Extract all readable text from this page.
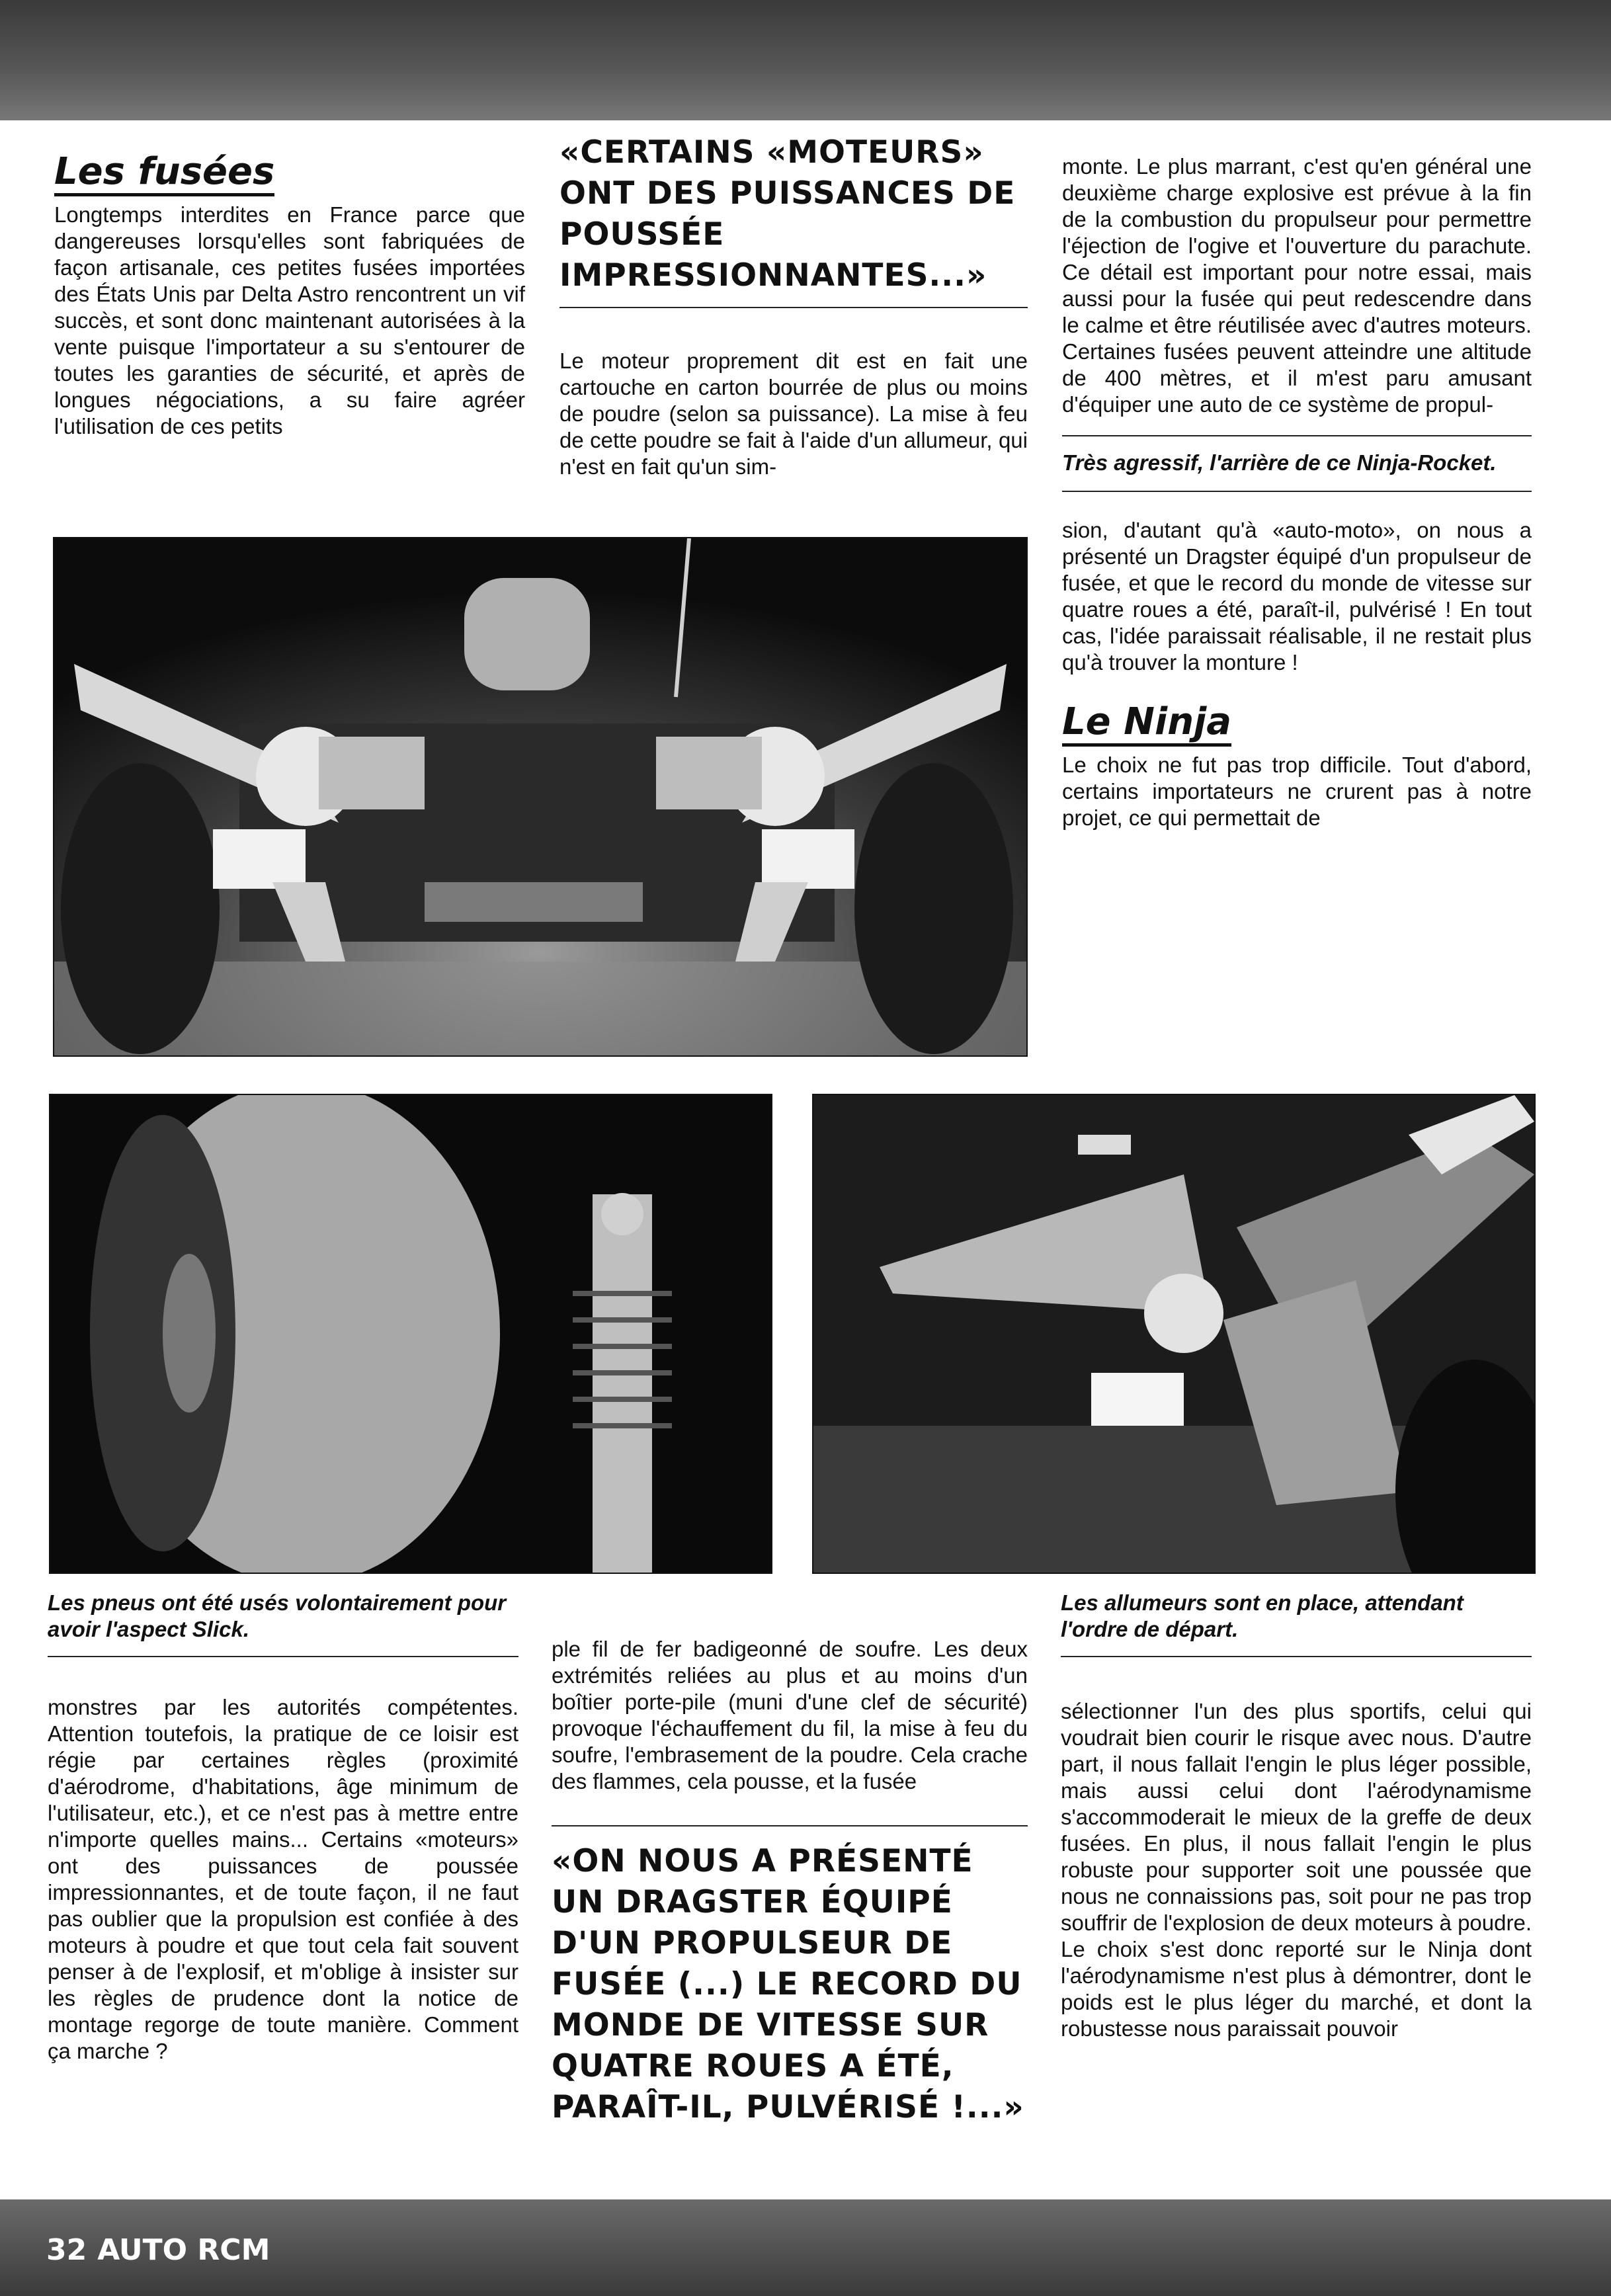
Les fusées

Longtemps interdites en France parce que dangereuses lorsqu'elles sont fabriquées de façon artisanale, ces petites fusées importées des États Unis par Delta Astro rencontrent un vif succès, et sont donc maintenant autorisées à la vente puisque l'importateur a su s'entourer de toutes les garanties de sécurité, et après de longues négociations, a su faire agréer l'utilisation de ces petits

«CERTAINS «MOTEURS» ONT DES PUISSANCES DE POUSSÉE IMPRESSIONNANTES...»

Le moteur proprement dit est en fait une cartouche en carton bourrée de plus ou moins de poudre (selon sa puissance). La mise à feu de cette poudre se fait à l'aide d'un allumeur, qui n'est en fait qu'un sim-

monte. Le plus marrant, c'est qu'en général une deuxième charge explosive est prévue à la fin de la combustion du propulseur pour permettre l'éjection de l'ogive et l'ouverture du parachute. Ce détail est important pour notre essai, mais aussi pour la fusée qui peut redescendre dans le calme et être réutilisée avec d'autres moteurs. Certaines fusées peuvent atteindre une altitude de 400 mètres, et il m'est paru amusant d'équiper une auto de ce système de propul-

Très agressif, l'arrière de ce Ninja-Rocket.

sion, d'autant qu'à «auto-moto», on nous a présenté un Dragster équipé d'un propulseur de fusée, et que le record du monde de vitesse sur quatre roues a été, paraît-il, pulvérisé ! En tout cas, l'idée paraissait réalisable, il ne restait plus qu'à trouver la monture !

Le Ninja

Le choix ne fut pas trop difficile. Tout d'abord, certains importateurs ne crurent pas à notre projet, ce qui permettait de

Les pneus ont été usés volontairement pour avoir l'aspect Slick.

monstres par les autorités compétentes. Attention toutefois, la pratique de ce loisir est régie par certaines règles (proximité d'aérodrome, d'habitations, âge minimum de l'utilisateur, etc.), et ce n'est pas à mettre entre n'importe quelles mains... Certains «moteurs» ont des puissances de poussée impressionnantes, et de toute façon, il ne faut pas oublier que la propulsion est confiée à des moteurs à poudre et que tout cela fait souvent penser à de l'explosif, et m'oblige à insister sur les règles de prudence dont la notice de montage regorge de toute manière. Comment ça marche ?

ple fil de fer badigeonné de soufre. Les deux extrémités reliées au plus et au moins d'un boîtier porte-pile (muni d'une clef de sécurité) provoque l'échauffement du fil, la mise à feu du soufre, l'embrasement de la poudre. Cela crache des flammes, cela pousse, et la fusée

«ON NOUS A PRÉSENTÉ UN DRAGSTER ÉQUIPÉ D'UN PROPULSEUR DE FUSÉE (...) LE RECORD DU MONDE DE VITESSE SUR QUATRE ROUES A ÉTÉ, PARAÎT-IL, PULVÉRISÉ !...»

Les allumeurs sont en place, attendant l'ordre de départ.

sélectionner l'un des plus sportifs, celui qui voudrait bien courir le risque avec nous. D'autre part, il nous fallait l'engin le plus léger possible, mais aussi celui dont l'aérodynamisme s'accommoderait le mieux de la greffe de deux fusées. En plus, il nous fallait l'engin le plus robuste pour supporter soit une poussée que nous ne connaissions pas, soit pour ne pas trop souffrir de l'explosion de deux moteurs à poudre. Le choix s'est donc reporté sur le Ninja dont l'aérodynamisme n'est plus à démontrer, dont le poids est le plus léger du marché, et dont la robustesse nous paraissait pouvoir

32 AUTO RCM
